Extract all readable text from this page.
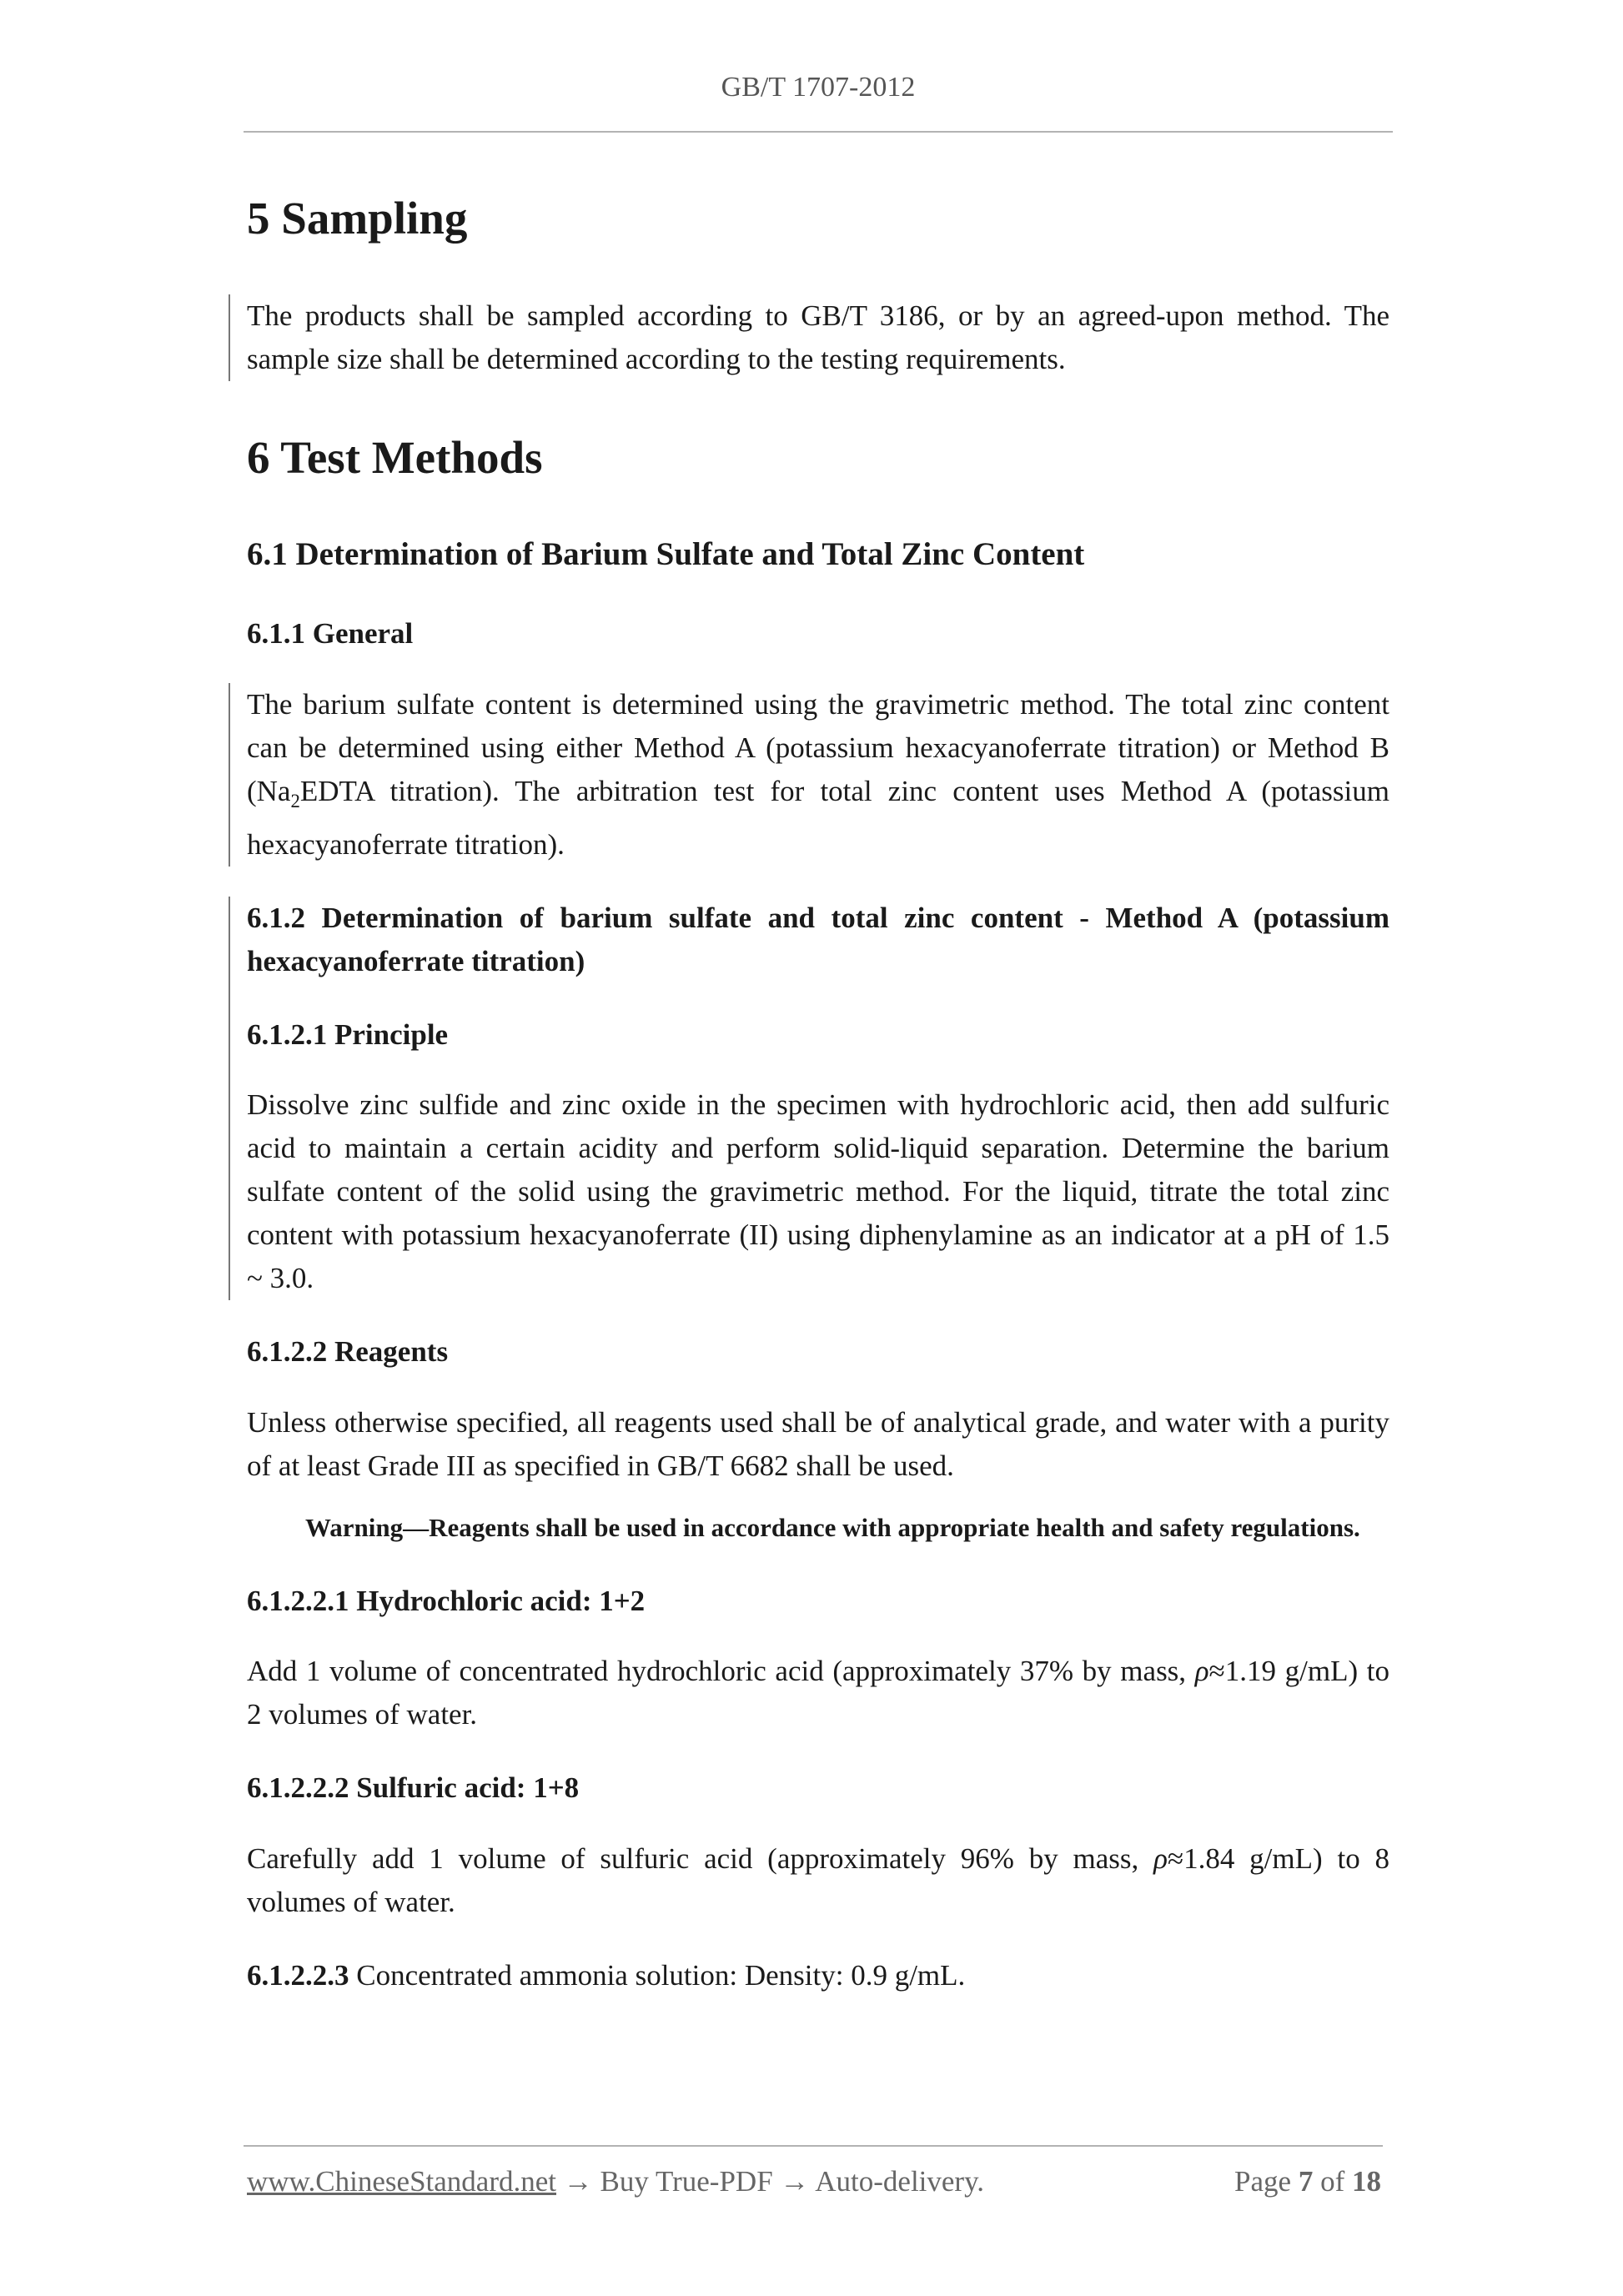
GB/T 1707-2012
5 Sampling

The products shall be sampled according to GB/T 3186, or by an agreed-upon method. The sample size shall be determined according to the testing requirements.

6 Test Methods
6.1 Determination of Barium Sulfate and Total Zinc Content
6.1.1 General

The barium sulfate content is determined using the gravimetric method. The total zinc content can be determined using either Method A (potassium hexacyanoferrate titration) or Method B ($Na_2EDTA$ titration). The arbitration test for total zinc content uses Method A (potassium hexacyanoferrate titration).

6.1.2 Determination of barium sulfate and total zinc content - Method A (potassium hexacyanoferrate titration)
6.1.2.1 Principle

Dissolve zinc sulfide and zinc oxide in the specimen with hydrochloric acid, then add sulfuric acid to maintain a certain acidity and perform solid-liquid separation. Determine the barium sulfate content of the solid using the gravimetric method. For the liquid, titrate the total zinc content with potassium hexacyanoferrate (II) using diphenylamine as an indicator at a pH of 1.5 ~ 3.0.

6.1.2.2 Reagents

Unless otherwise specified, all reagents used shall be of analytical grade, and water with a purity of at least Grade III as specified in GB/T 6682 shall be used.

Warning—Reagents shall be used in accordance with appropriate health and safety regulations.

6.1.2.2.1 Hydrochloric acid: 1+2

Add 1 volume of concentrated hydrochloric acid (approximately 37% by mass, ρ≈1.19 g/mL) to 2 volumes of water.

6.1.2.2.2 Sulfuric acid: 1+8

Carefully add 1 volume of sulfuric acid (approximately 96% by mass, ρ≈1.84 g/mL) to 8 volumes of water.

6.1.2.2.3 Concentrated ammonia solution: Density: 0.9 g/mL.

www.ChineseStandard.net → Buy True-PDF → Auto-delivery.	Page 7 of 18
